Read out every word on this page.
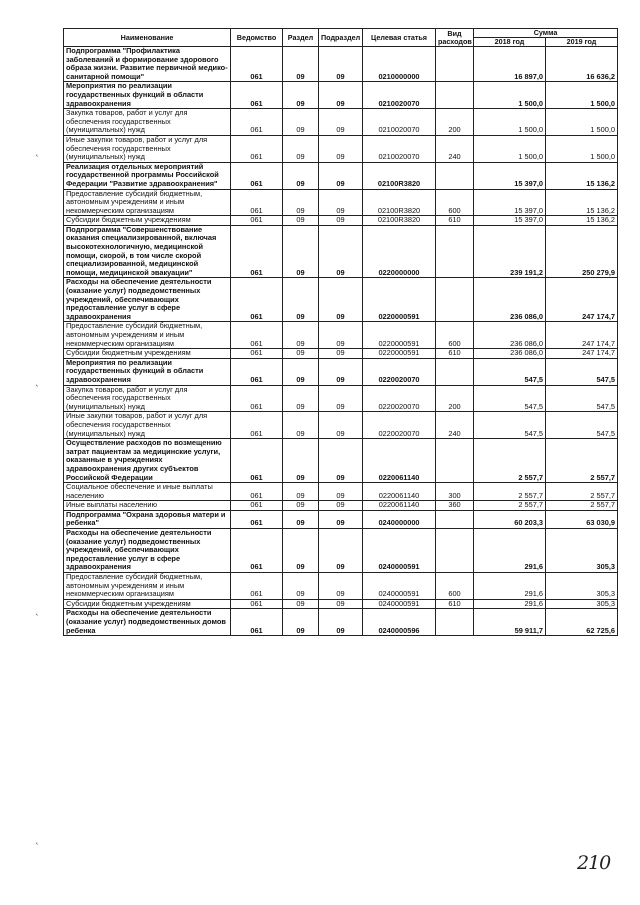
Наименование	Ведомство	Раздел	Подраздел	Целевая статья	Вид расходов	Сумма	
						2018 год	2019 год
Подпрограмма "Профилактика заболеваний и формирование здорового образа жизни. Развитие первичной медико-санитарной помощи"	061	09	09	0210000000		16 897,0	16 636,2
Мероприятия по реализации государственных функций в области здравоохранения	061	09	09	0210020070		1 500,0	1 500,0
Закупка товаров, работ и услуг для обеспечения государственных (муниципальных) нужд	061	09	09	0210020070	200	1 500,0	1 500,0
Иные закупки товаров, работ и услуг для обеспечения государственных (муниципальных) нужд	061	09	09	0210020070	240	1 500,0	1 500,0
Реализация отдельных мероприятий государственной программы Российской Федерации "Развитие здравоохранения"	061	09	09	02100R3820		15 397,0	15 136,2
Предоставление субсидий бюджетным, автономным учреждениям и иным некоммерческим организациям	061	09	09	02100R3820	600	15 397,0	15 136,2
Субсидии бюджетным учреждениям	061	09	09	02100R3820	610	15 397,0	15 136,2
Подпрограмма "Совершенствование оказания специализированной, включая высокотехнологичную, медицинской помощи, скорой, в том числе скорой специализированной, медицинской помощи, медицинской эвакуации"	061	09	09	0220000000		239 191,2	250 279,9
Расходы на обеспечение деятельности (оказание услуг) подведомственных учреждений, обеспечивающих предоставление услуг в сфере здравоохранения	061	09	09	0220000591		236 086,0	247 174,7
Предоставление субсидий бюджетным, автономным учреждениям и иным некоммерческим организациям	061	09	09	0220000591	600	236 086,0	247 174,7
Субсидии бюджетным учреждениям	061	09	09	0220000591	610	236 086,0	247 174,7
Мероприятия по реализации государственных функций в области здравоохранения	061	09	09	0220020070		547,5	547,5
Закупка товаров, работ и услуг для обеспечения государственных (муниципальных) нужд	061	09	09	0220020070	200	547,5	547,5
Иные закупки товаров, работ и услуг для обеспечения государственных (муниципальных) нужд	061	09	09	0220020070	240	547,5	547,5
Осуществление расходов по возмещению затрат пациентам за медицинские услуги, оказанные в учреждениях здравоохранения других субъектов Российской Федерации	061	09	09	0220061140		2 557,7	2 557,7
Социальное обеспечение и иные выплаты населению	061	09	09	0220061140	300	2 557,7	2 557,7
Иные выплаты населению	061	09	09	0220061140	360	2 557,7	2 557,7
Подпрограмма "Охрана здоровья матери и ребенка"	061	09	09	0240000000		60 203,3	63 030,9
Расходы на обеспечение деятельности (оказание услуг) подведомственных учреждений, обеспечивающих предоставление услуг в сфере здравоохранения	061	09	09	0240000591		291,6	305,3
Предоставление субсидий бюджетным, автономным учреждениям и иным некоммерческим организациям	061	09	09	0240000591	600	291,6	305,3
Субсидии бюджетным учреждениям	061	09	09	0240000591	610	291,6	305,3
Расходы на обеспечение деятельности (оказание услуг) подведомственных домов ребенка	061	09	09	0240000596		59 911,7	62 725,6
`
`
`
`
210
